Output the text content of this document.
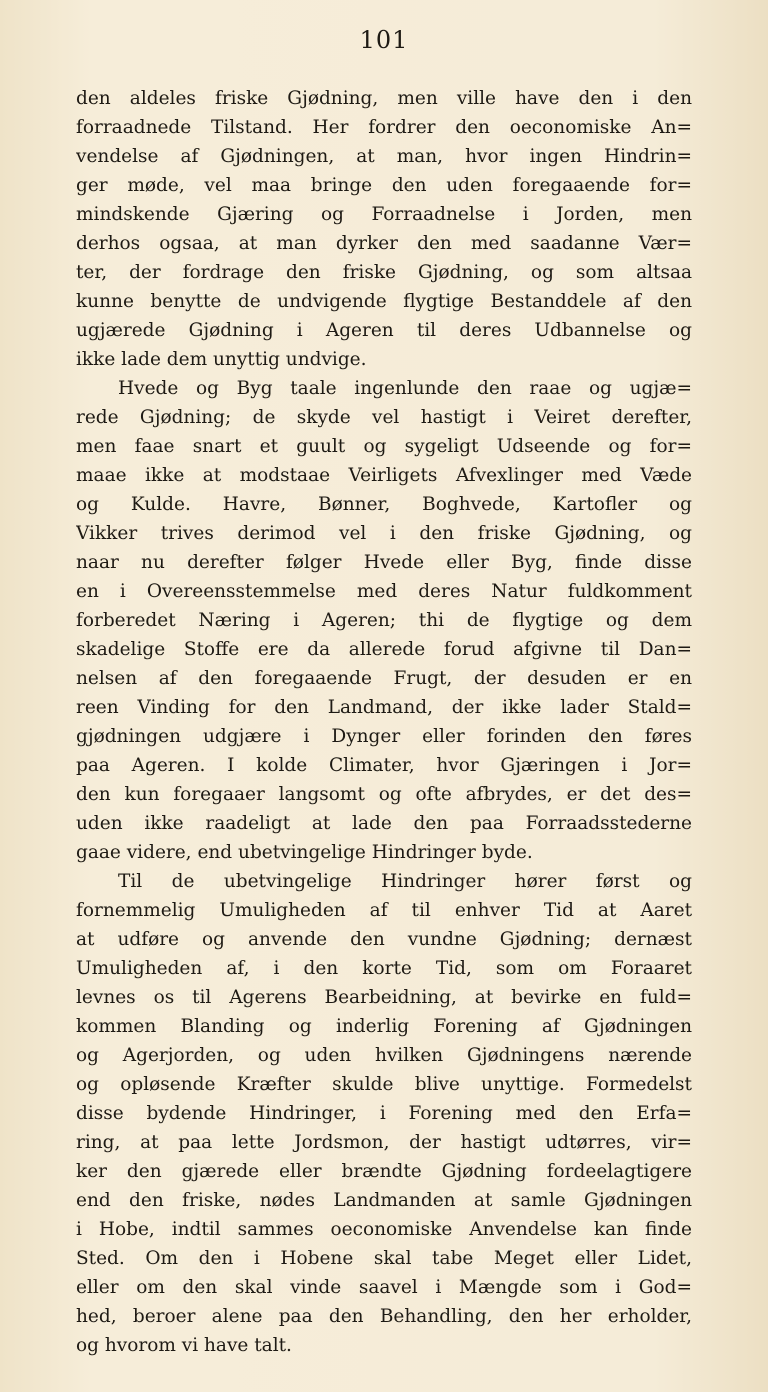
101
den aldeles friske Gjødning, men ville have den i den
forraadnede Tilstand. Her fordrer den oeconomiske An=
vendelse af Gjødningen, at man, hvor ingen Hindrin=
ger møde, vel maa bringe den uden foregaaende for=
mindskende Gjæring og Forraadnelse i Jorden, men
derhos ogsaa, at man dyrker den med saadanne Vær=
ter, der fordrage den friske Gjødning, og som altsaa
kunne benytte de undvigende flygtige Bestanddele af den
ugjærede Gjødning i Ageren til deres Udbannelse og
ikke lade dem unyttig undvige.
Hvede og Byg taale ingenlunde den raae og ugjæ=
rede Gjødning; de skyde vel hastigt i Veiret derefter,
men faae snart et guult og sygeligt Udseende og for=
maae ikke at modstaae Veirligets Afvexlinger med Væde
og Kulde. Havre, Bønner, Boghvede, Kartofler og
Vikker trives derimod vel i den friske Gjødning, og
naar nu derefter følger Hvede eller Byg, finde disse
en i Overeensstemmelse med deres Natur fuldkomment
forberedet Næring i Ageren; thi de flygtige og dem
skadelige Stoffe ere da allerede forud afgivne til Dan=
nelsen af den foregaaende Frugt, der desuden er en
reen Vinding for den Landmand, der ikke lader Stald=
gjødningen udgjære i Dynger eller forinden den føres
paa Ageren. I kolde Climater, hvor Gjæringen i Jor=
den kun foregaaer langsomt og ofte afbrydes, er det des=
uden ikke raadeligt at lade den paa Forraadsstederne
gaae videre, end ubetvingelige Hindringer byde.
Til de ubetvingelige Hindringer hører først og
fornemmelig Umuligheden af til enhver Tid at Aaret
at udføre og anvende den vundne Gjødning; dernæst
Umuligheden af, i den korte Tid, som om Foraaret
levnes os til Agerens Bearbeidning, at bevirke en fuld=
kommen Blanding og inderlig Forening af Gjødningen
og Agerjorden, og uden hvilken Gjødningens nærende
og opløsende Kræfter skulde blive unyttige. Formedelst
disse bydende Hindringer, i Forening med den Erfa=
ring, at paa lette Jordsmon, der hastigt udtørres, vir=
ker den gjærede eller brændte Gjødning fordeelagtigere
end den friske, nødes Landmanden at samle Gjødningen
i Hobe, indtil sammes oeconomiske Anvendelse kan finde
Sted. Om den i Hobene skal tabe Meget eller Lidet,
eller om den skal vinde saavel i Mængde som i God=
hed, beroer alene paa den Behandling, den her erholder,
og hvorom vi have talt.
